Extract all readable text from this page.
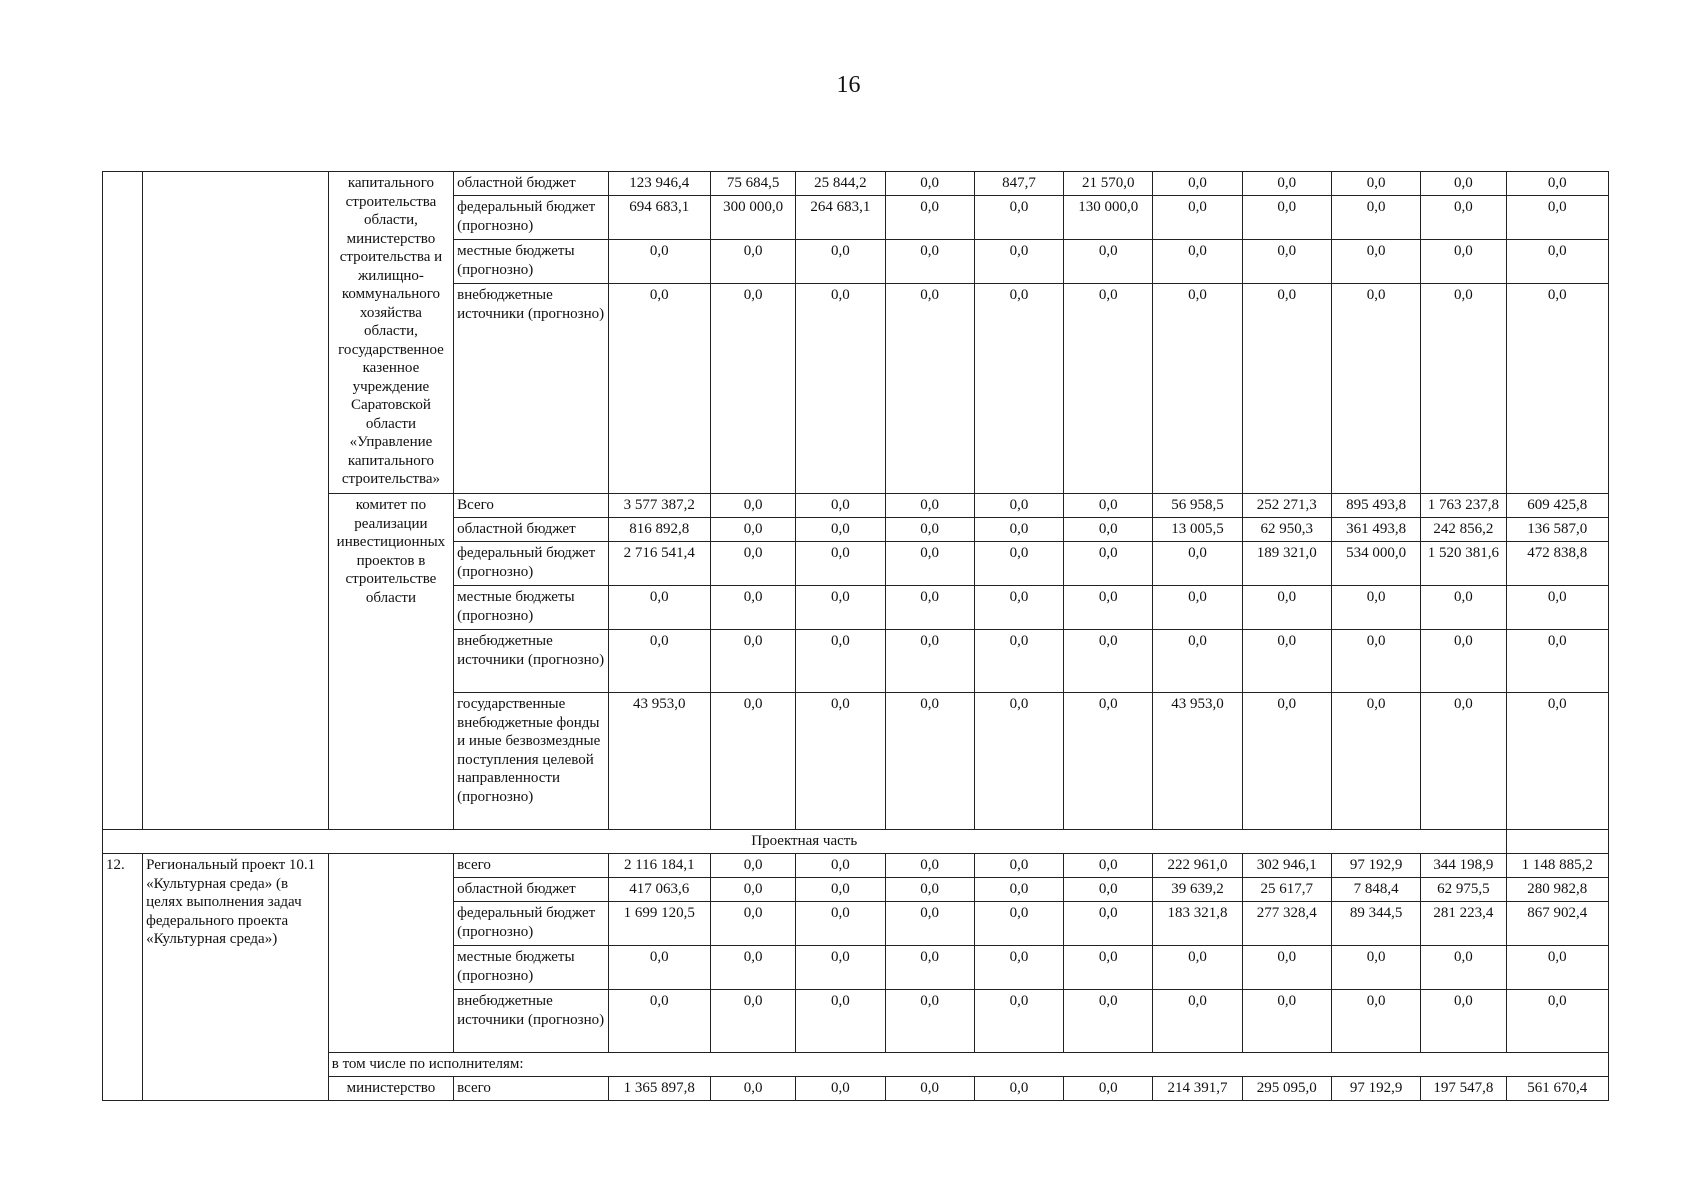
16
		капитального строительства области, министерство строительства и жилищно-коммунального хозяйства области, государственное казенное учреждение Саратовской области «Управление капитального строительства»	областной бюджет	123 946,4	75 684,5	25 844,2	0,0	847,7	21 570,0	0,0	0,0	0,0	0,0	0,0
			федеральный бюджет (прогнозно)	694 683,1	300 000,0	264 683,1	0,0	0,0	130 000,0	0,0	0,0	0,0	0,0	0,0
			местные бюджеты (прогнозно)	0,0	0,0	0,0	0,0	0,0	0,0	0,0	0,0	0,0	0,0	0,0
			внебюджетные источники (прогнозно)	0,0	0,0	0,0	0,0	0,0	0,0	0,0	0,0	0,0	0,0	0,0
		комитет по реализации инвестиционных проектов в строительстве области	Всего	3 577 387,2	0,0	0,0	0,0	0,0	0,0	56 958,5	252 271,3	895 493,8	1 763 237,8	609 425,8
			областной бюджет	816 892,8	0,0	0,0	0,0	0,0	0,0	13 005,5	62 950,3	361 493,8	242 856,2	136 587,0
			федеральный бюджет (прогнозно)	2 716 541,4	0,0	0,0	0,0	0,0	0,0	0,0	189 321,0	534 000,0	1 520 381,6	472 838,8
			местные бюджеты (прогнозно)	0,0	0,0	0,0	0,0	0,0	0,0	0,0	0,0	0,0	0,0	0,0
			внебюджетные источники (прогнозно)	0,0	0,0	0,0	0,0	0,0	0,0	0,0	0,0	0,0	0,0	0,0
			государственные внебюджетные фонды и иные безвозмездные поступления целевой направленности (прогнозно)	43 953,0	0,0	0,0	0,0	0,0	0,0	43 953,0	0,0	0,0	0,0	0,0
Проектная часть														
12.	Региональный проект 10.1 «Культурная среда» (в целях выполнения задач федерального проекта «Культурная среда»)		всего	2 116 184,1	0,0	0,0	0,0	0,0	0,0	222 961,0	302 946,1	97 192,9	344 198,9	1 148 885,2
			областной бюджет	417 063,6	0,0	0,0	0,0	0,0	0,0	39 639,2	25 617,7	7 848,4	62 975,5	280 982,8
			федеральный бюджет (прогнозно)	1 699 120,5	0,0	0,0	0,0	0,0	0,0	183 321,8	277 328,4	89 344,5	281 223,4	867 902,4
			местные бюджеты (прогнозно)	0,0	0,0	0,0	0,0	0,0	0,0	0,0	0,0	0,0	0,0	0,0
			внебюджетные источники (прогнозно)	0,0	0,0	0,0	0,0	0,0	0,0	0,0	0,0	0,0	0,0	0,0
		в том числе по исполнителям:												
		министерство	всего	1 365 897,8	0,0	0,0	0,0	0,0	0,0	214 391,7	295 095,0	97 192,9	197 547,8	561 670,4
